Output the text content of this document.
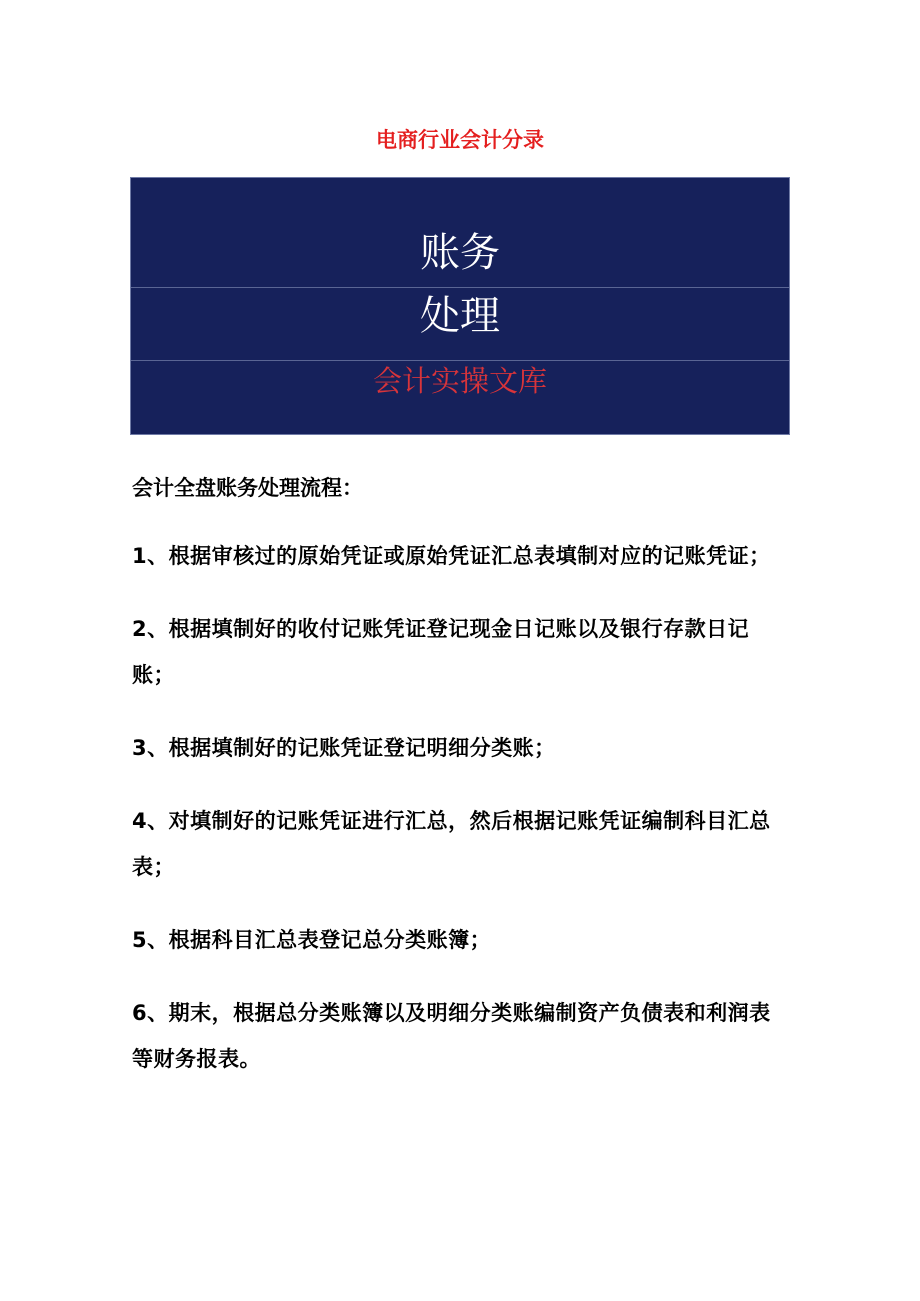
电商行业会计分录
账务
处理
会计实操文库
会计全盘账务处理流程：
1、根据审核过的原始凭证或原始凭证汇总表填制对应的记账凭证；
2、根据填制好的收付记账凭证登记现金日记账以及银行存款日记账；
3、根据填制好的记账凭证登记明细分类账；
4、对填制好的记账凭证进行汇总，然后根据记账凭证编制科目汇总表；
5、根据科目汇总表登记总分类账簿；
6、期末，根据总分类账簿以及明细分类账编制资产负债表和利润表等财务报表。
